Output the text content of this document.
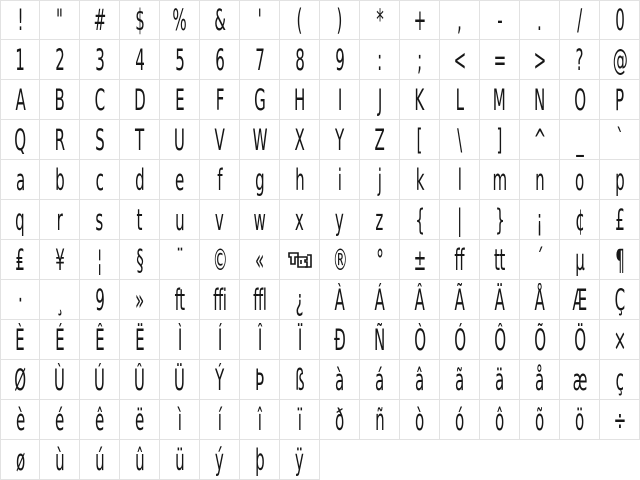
! " # $ % & ' ( ) * + , - . / 0
1 2 3 4 5 6 7 8 9 : ; < = > ? @
A B C D E F G H I J K L M N O P
Q R S T U V W X Y Z [ \ ] ^ _ `
a b c d e f g h i j k l m n o p
q r s t u v w x y z { | } ¡ ¢ £
₤ ¥ ¦ § ¨ © « ® ° ± ff tt ´ µ ¶
· ¸ 9 » ft ffi ffl ¿ À Á Â Ã Ä Å Æ Ç
È É Ê Ë Ì Í Î Ï Ð Ñ Ò Ó Ô Õ Ö ×
Ø Ù Ú Û Ü Ý Þ ß à á â ã ä å æ ç
è é ê ë ì í î ï ð ñ ò ó ô õ ö ÷
ø ù ú û ü ý þ ÿ
